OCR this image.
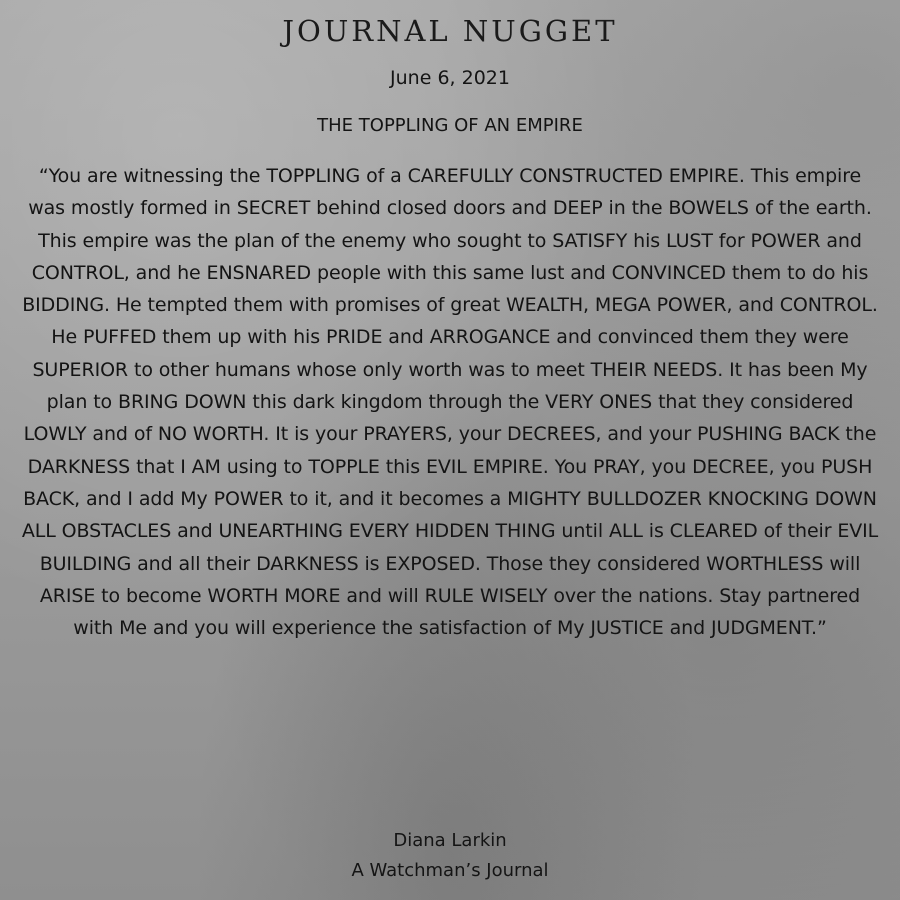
JOURNAL NUGGET

June 6, 2021

THE TOPPLING OF AN EMPIRE

“You are witnessing the TOPPLING of a CAREFULLY CONSTRUCTED EMPIRE. This empire was mostly formed in SECRET behind closed doors and DEEP in the BOWELS of the earth. This empire was the plan of the enemy who sought to SATISFY his LUST for POWER and CONTROL, and he ENSNARED people with this same lust and CONVINCED them to do his BIDDING. He tempted them with promises of great WEALTH, MEGA POWER, and CONTROL. He PUFFED them up with his PRIDE and ARROGANCE and convinced them they were SUPERIOR to other humans whose only worth was to meet THEIR NEEDS. It has been My plan to BRING DOWN this dark kingdom through the VERY ONES that they considered LOWLY and of NO WORTH. It is your PRAYERS, your DECREES, and your PUSHING BACK the DARKNESS that I AM using to TOPPLE this EVIL EMPIRE. You PRAY, you DECREE, you PUSH BACK, and I add My POWER to it, and it becomes a MIGHTY BULLDOZER KNOCKING DOWN ALL OBSTACLES and UNEARTHING EVERY HIDDEN THING until ALL is CLEARED of their EVIL BUILDING and all their DARKNESS is EXPOSED. Those they considered WORTHLESS will ARISE to become WORTH MORE and will RULE WISELY over the nations. Stay partnered with Me and you will experience the satisfaction of My JUSTICE and JUDGMENT.”

Diana Larkin
A Watchman’s Journal
